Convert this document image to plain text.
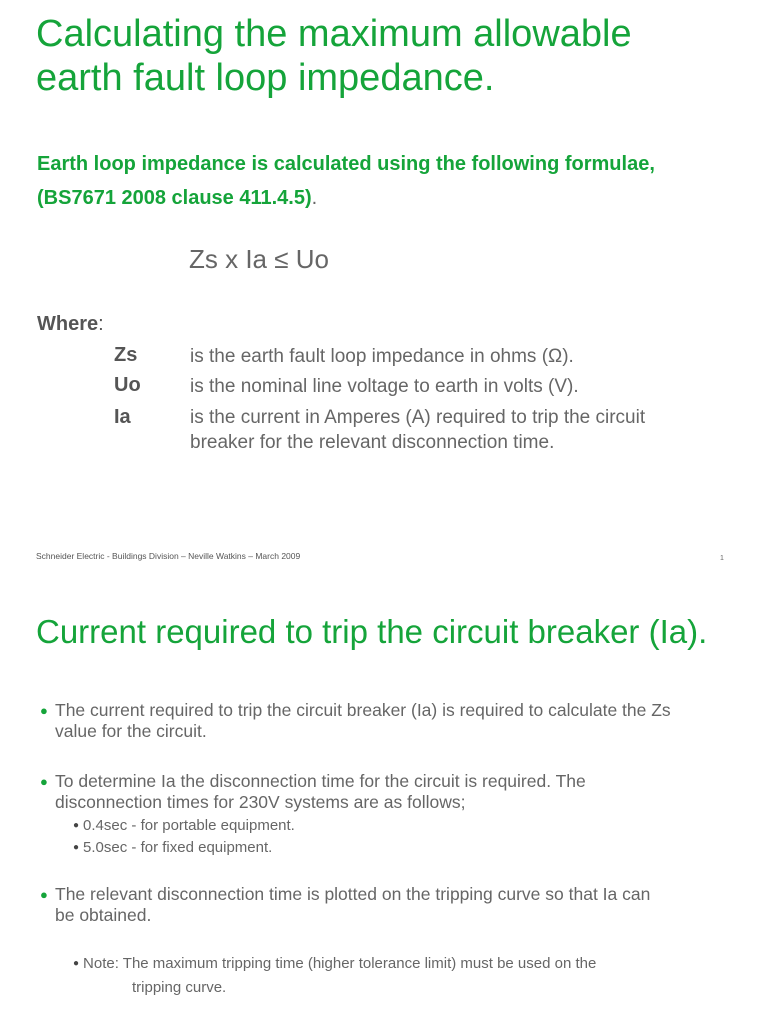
Calculating the maximum allowable
earth fault loop impedance.
Earth loop impedance is calculated using the following formulae,
(BS7671 2008 clause 411.4.5).
Zs x Ia ≤ Uo
Where:
Zs	is the earth fault loop impedance in ohms (Ω).
Uo	is the nominal line voltage to earth in volts (V).
Ia	is the current in Amperes (A) required to trip the circuit
breaker for the relevant disconnection time.
Schneider Electric - Buildings Division – Neville Watkins – March 2009	1
Current required to trip the circuit breaker (Ia).
● The current required to trip the circuit breaker (Ia) is required to calculate the Zs
value for the circuit.
● To determine Ia the disconnection time for the circuit is required. The
disconnection times for 230V systems are as follows;
● 0.4sec - for portable equipment.
● 5.0sec - for fixed equipment.
● The relevant disconnection time is plotted on the tripping curve so that Ia can
be obtained.
● Note: The maximum tripping time (higher tolerance limit) must be used on the
tripping curve.
